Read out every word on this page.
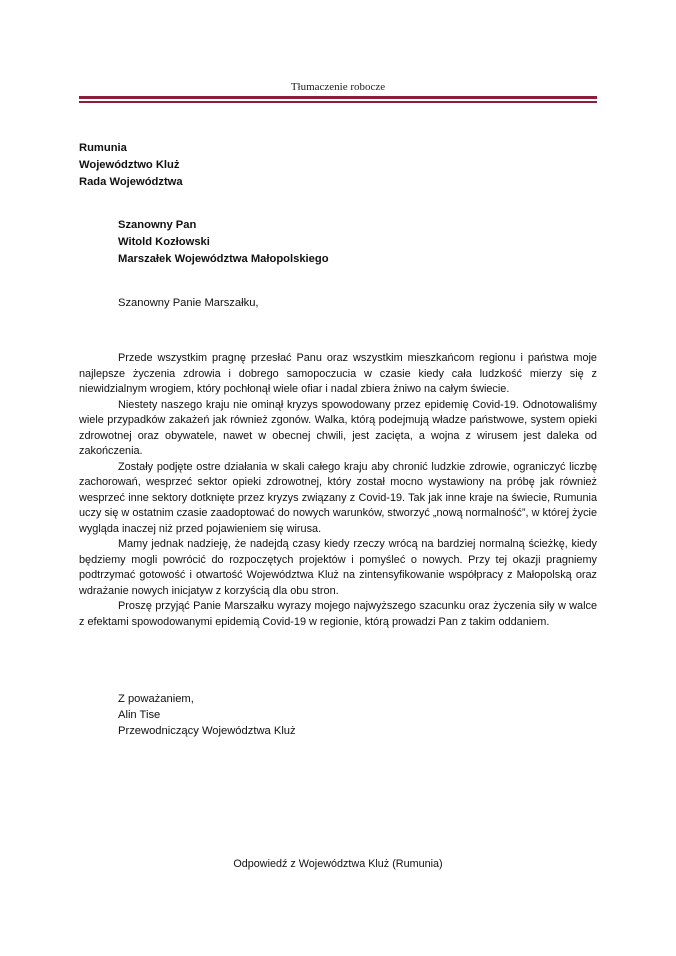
Tłumaczenie robocze
Rumunia
Województwo Kluż
Rada Województwa
Szanowny Pan
Witold Kozłowski
Marszałek Województwa Małopolskiego
Szanowny Panie Marszałku,

Przede wszystkim pragnę przesłać Panu oraz wszystkim mieszkańcom regionu i państwa moje najlepsze życzenia zdrowia i dobrego samopoczucia w czasie kiedy cała ludzkość mierzy się z niewidzialnym wrogiem, który pochłonął wiele ofiar i nadal zbiera żniwo na całym świecie.

Niestety naszego kraju nie ominął kryzys spowodowany przez epidemię Covid-19. Odnotowaliśmy wiele przypadków zakażeń jak również zgonów. Walka, którą podejmują władze państwowe, system opieki zdrowotnej oraz obywatele, nawet w obecnej chwili, jest zacięta, a wojna z wirusem jest daleka od zakończenia.

Zostały podjęte ostre działania w skali całego kraju aby chronić ludzkie zdrowie, ograniczyć liczbę zachorowań, wesprzeć sektor opieki zdrowotnej, który został mocno wystawiony na próbę jak również wesprzeć inne sektory dotknięte przez kryzys związany z Covid-19. Tak jak inne kraje na świecie, Rumunia uczy się w ostatnim czasie zaadoptować do nowych warunków, stworzyć „nową normalność”, w której życie wygląda inaczej niż przed pojawieniem się wirusa.

Mamy jednak nadzieję, że nadejdą czasy kiedy rzeczy wrócą na bardziej normalną ścieżkę, kiedy będziemy mogli powrócić do rozpoczętych projektów i pomyśleć o nowych. Przy tej okazji pragniemy podtrzymać gotowość i otwartość Województwa Kluż na zintensyfikowanie współpracy z Małopolską oraz wdrażanie nowych inicjatyw z korzyścią dla obu stron.

Proszę przyjąć Panie Marszałku wyrazy mojego najwyższego szacunku oraz życzenia siły w walce z efektami spowodowanymi epidemią Covid-19 w regionie, którą prowadzi Pan z takim oddaniem.

Z poważaniem,
Alin Tise
Przewodniczący Województwa Kluż
Odpowiedź z Województwa Kluż (Rumunia)
